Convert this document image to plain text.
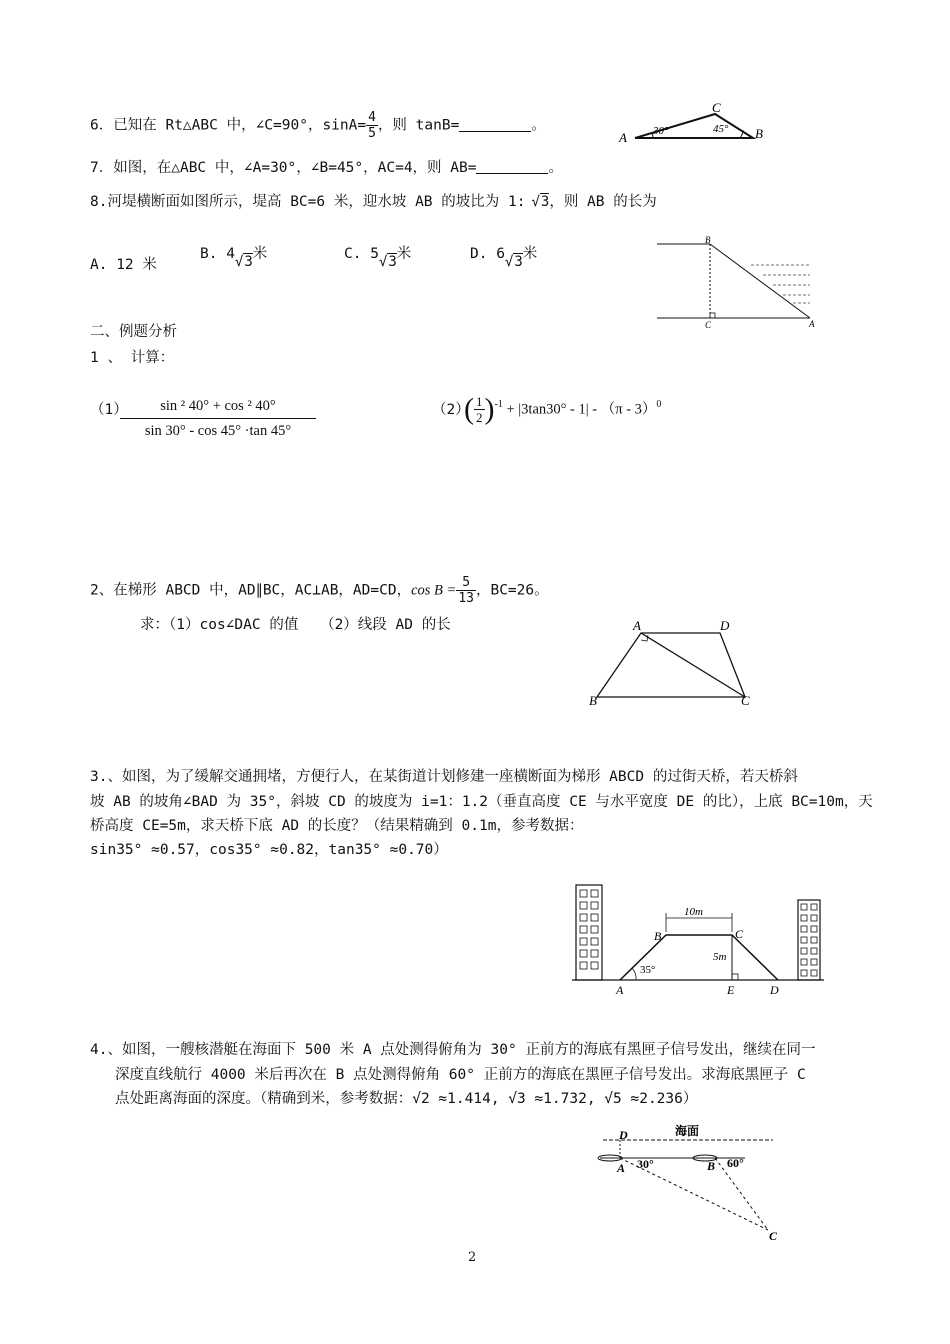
6．已知在 Rt△ABC 中，∠C=90°，$\sin A= \frac{4}{5}$ ，则 tanB=	。
A
C
B
30°	45°
7．如图，在△ABC 中，∠A=30°，∠B=45°，AC=4，则 AB=	。
8.河堤横断面如图所示，堤高 BC=6 米，迎水坡 AB 的坡比为 1: √3，则 AB 的长为
A. 12 米
B. 4√3米	C. 5√3米	D. 6√3米
B
C	A
二、例题分析
1 、 计算：
（1）
$\frac{\text{sin ² 40° + cos ² 40°}}{\sin 30^\circ - \cos 45^\circ \cdot\tan 45^\circ}$	（2）
( $\frac{1}{2} )^{-1} + |3\tan 30^\circ - 1| - (\pi - 3)^0$
2、在梯形 ABCD 中，AD∥BC，AC⊥AB，AD=CD，$\cos B = \frac{5}{13}$ ，BC=26。
求：（1）cos∠DAC 的值　　（2）线段 AD 的长	A	D
B	C
3.、如图，为了缓解交通拥堵，方便行人，在某街道计划修建一座横断面为梯形 ABCD 的过街天桥，若天桥斜
坡 AB 的坡角∠BAD 为 35°，斜坡 CD 的坡度为 i=1：1.2（垂直高度 CE 与水平宽度 DE 的比），上底 BC=10m，天
桥高度 CE=5m，求天桥下底 AD 的长度？（结果精确到 0.1m，参考数据：
sin35° ≈0.57，cos35° ≈0.82，tan35° ≈0.70）
10m
5m
35°
B	C
A	E	D
4.、如图，一艘核潜艇在海面下 500 米 A 点处测得俯角为 30° 正前方的海底有黑匣子信号发出，继续在同一
深度直线航行 4000 米后再次在 B 点处测得俯角 60° 正前方的海底在黑匣子信号发出。求海底黑匣子 C
点处距离海面的深度。（精确到米，参考数据：√2 ≈1.414, √3 ≈1.732, √5 ≈2.236）
海面
D
A 30°	B 60°
C
2
